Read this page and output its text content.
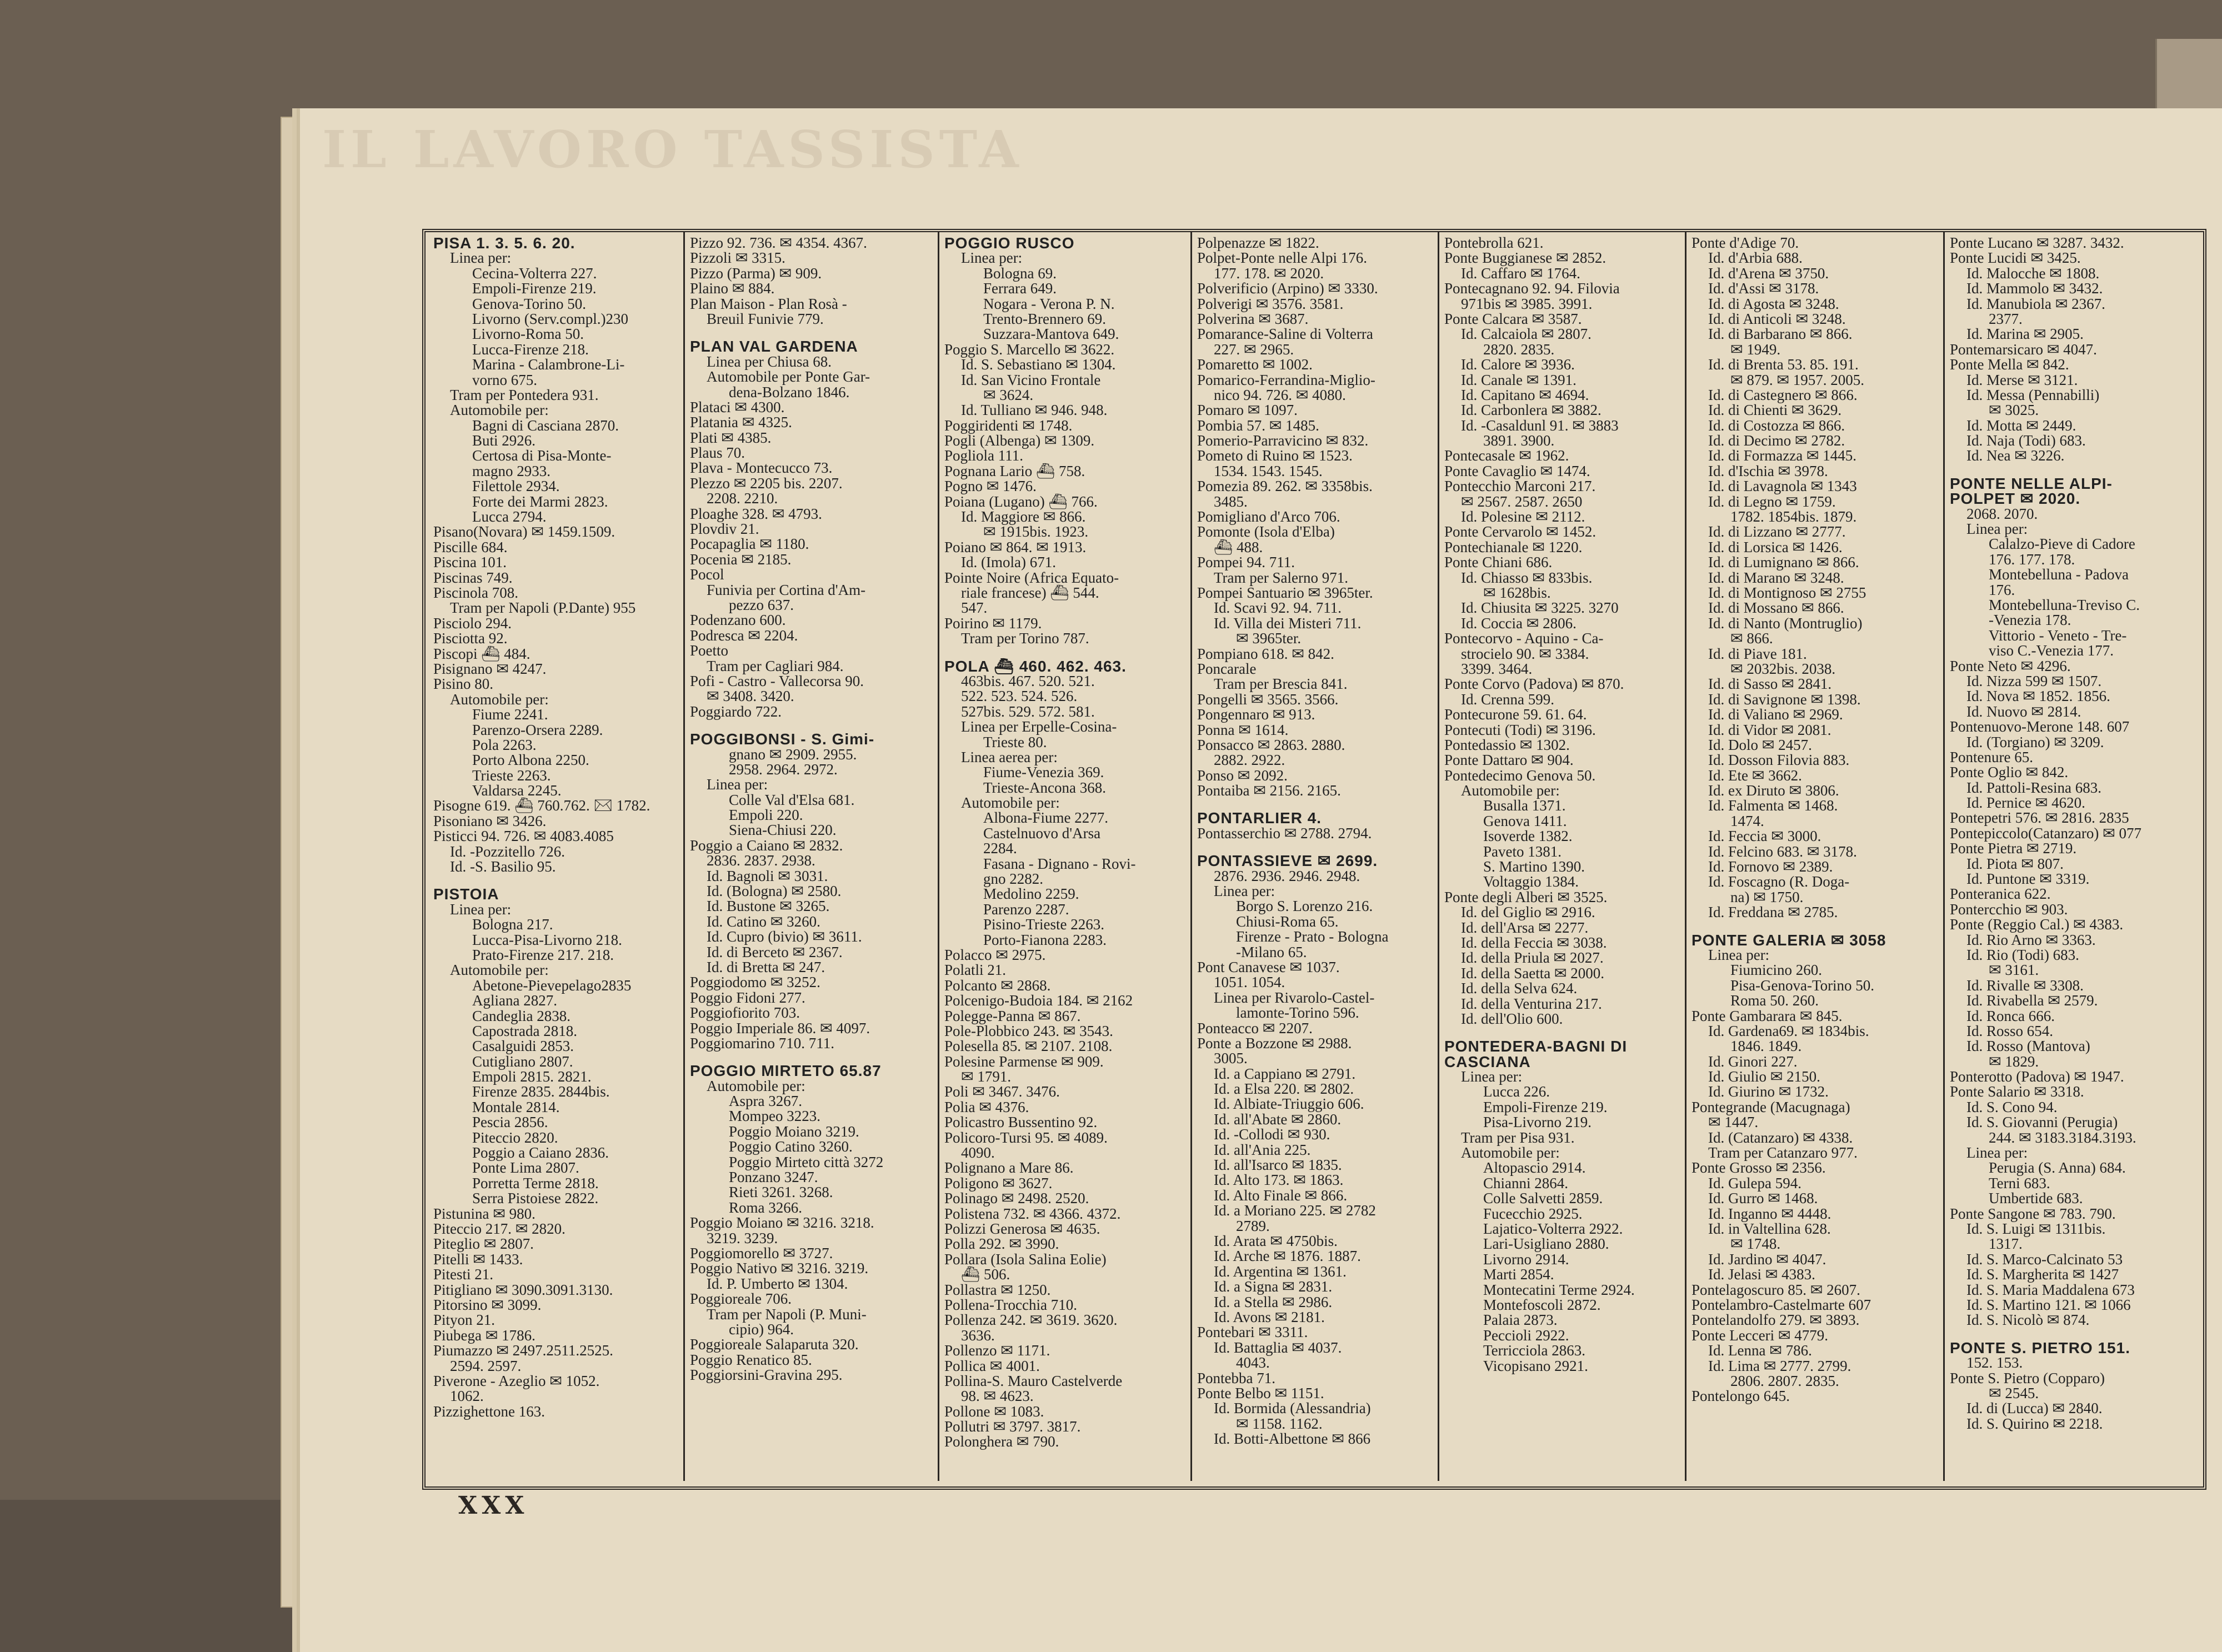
IL LAVORO TASSISTA
PISA 1. 3. 5. 6. 20.
Linea per:
Cecina-Volterra 227.
Empoli-Firenze 219.
Genova-Torino 50.
Livorno (Serv.compl.)230
Livorno-Roma 50.
Lucca-Firenze 218.
Marina - Calambrone-Li-
vorno 675.
Tram per Pontedera 931.
Automobile per:
Bagni di Casciana 2870.
Buti 2926.
Certosa di Pisa-Monte-
magno 2933.
Filettole 2934.
Forte dei Marmi 2823.
Lucca 2794.
Pisano(Novara) ✉ 1459.1509.
Piscille 684.
Piscina 101.
Piscinas 749.
Piscinola 708.
Tram per Napoli (P.Dante) 955
Pisciolo 294.
Pisciotta 92.
Piscopi ⛴ 484.
Pisignano ✉ 4247.
Pisino 80.
Automobile per:
Fiume 2241.
Parenzo-Orsera 2289.
Pola 2263.
Porto Albona 2250.
Trieste 2263.
Valdarsa 2245.
Pisogne 619. ⛴ 760.762. ✉ 1782.
Pisoniano ✉ 3426.
Pisticci 94. 726. ✉ 4083.4085
Id. -Pozzitello 726.
Id. -S. Basilio 95.
PISTOIA
Linea per:
Bologna 217.
Lucca-Pisa-Livorno 218.
Prato-Firenze 217. 218.
Automobile per:
Abetone-Pievepelago2835
Agliana 2827.
Candeglia 2838.
Capostrada 2818.
Casalguidi 2853.
Cutigliano 2807.
Empoli 2815. 2821.
Firenze 2835. 2844bis.
Montale 2814.
Pescia 2856.
Piteccio 2820.
Poggio a Caiano 2836.
Ponte Lima 2807.
Porretta Terme 2818.
Serra Pistoiese 2822.
Pistunina ✉ 980.
Piteccio 217. ✉ 2820.
Piteglio ✉ 2807.
Pitelli ✉ 1433.
Pitesti 21.
Pitigliano ✉ 3090.3091.3130.
Pitorsino ✉ 3099.
Pityon 21.
Piubega ✉ 1786.
Piumazzo ✉ 2497.2511.2525.
2594. 2597.
Piverone - Azeglio ✉ 1052.
1062.
Pizzighettone 163.
Pizzo 92. 736. ✉ 4354. 4367.
Pizzoli ✉ 3315.
Pizzo (Parma) ✉ 909.
Plaino ✉ 884.
Plan Maison - Plan Rosà -
Breuil Funivie 779.
PLAN VAL GARDENA
Linea per Chiusa 68.
Automobile per Ponte Gar-
dena-Bolzano 1846.
Plataci ✉ 4300.
Platania ✉ 4325.
Plati ✉ 4385.
Plaus 70.
Plava - Montecucco 73.
Plezzo ✉ 2205 bis. 2207.
2208. 2210.
Ploaghe 328. ✉ 4793.
Plovdiv 21.
Pocapaglia ✉ 1180.
Pocenia ✉ 2185.
Pocol
Funivia per Cortina d'Am-
pezzo 637.
Podenzano 600.
Podresca ✉ 2204.
Poetto
Tram per Cagliari 984.
Pofi - Castro - Vallecorsa 90.
✉ 3408. 3420.
Poggiardo 722.
POGGIBONSI - S. Gimi-
gnano ✉ 2909. 2955.
2958. 2964. 2972.
Linea per:
Colle Val d'Elsa 681.
Empoli 220.
Siena-Chiusi 220.
Poggio a Caiano ✉ 2832.
2836. 2837. 2938.
Id. Bagnoli ✉ 3031.
Id. (Bologna) ✉ 2580.
Id. Bustone ✉ 3265.
Id. Catino ✉ 3260.
Id. Cupro (bivio) ✉ 3611.
Id. di Berceto ✉ 2367.
Id. di Bretta ✉ 247.
Poggiodomo ✉ 3252.
Poggio Fidoni 277.
Poggiofiorito 703.
Poggio Imperiale 86. ✉ 4097.
Poggiomarino 710. 711.
POGGIO MIRTETO 65.87
Automobile per:
Aspra 3267.
Mompeo 3223.
Poggio Moiano 3219.
Poggio Catino 3260.
Poggio Mirteto città 3272
Ponzano 3247.
Rieti 3261. 3268.
Roma 3266.
Poggio Moiano ✉ 3216. 3218.
3219. 3239.
Poggiomorello ✉ 3727.
Poggio Nativo ✉ 3216. 3219.
Id. P. Umberto ✉ 1304.
Poggioreale 706.
Tram per Napoli (P. Muni-
cipio) 964.
Poggioreale Salaparuta 320.
Poggio Renatico 85.
Poggiorsini-Gravina 295.
POGGIO RUSCO
Linea per:
Bologna 69.
Ferrara 649.
Nogara - Verona P. N.
Trento-Brennero 69.
Suzzara-Mantova 649.
Poggio S. Marcello ✉ 3622.
Id. S. Sebastiano ✉ 1304.
Id. San Vicino Frontale
✉ 3624.
Id. Tulliano ✉ 946. 948.
Poggiridenti ✉ 1748.
Pogli (Albenga) ✉ 1309.
Pogliola 111.
Pognana Lario ⛴ 758.
Pogno ✉ 1476.
Poiana (Lugano) ⛴ 766.
Id. Maggiore ✉ 866.
✉ 1915bis. 1923.
Poiano ✉ 864. ✉ 1913.
Id. (Imola) 671.
Pointe Noire (Africa Equato-
riale francese) ⛴ 544.
547.
Poirino ✉ 1179.
Tram per Torino 787.
POLA ⛴ 460. 462. 463.
463bis. 467. 520. 521.
522. 523. 524. 526.
527bis. 529. 572. 581.
Linea per Erpelle-Cosina-
Trieste 80.
Linea aerea per:
Fiume-Venezia 369.
Trieste-Ancona 368.
Automobile per:
Albona-Fiume 2277.
Castelnuovo d'Arsa
2284.
Fasana - Dignano - Rovi-
gno 2282.
Medolino 2259.
Parenzo 2287.
Pisino-Trieste 2263.
Porto-Fianona 2283.
Polacco ✉ 2975.
Polatli 21.
Polcanto ✉ 2868.
Polcenigo-Budoia 184. ✉ 2162
Polegge-Panna ✉ 867.
Pole-Plobbico 243. ✉ 3543.
Polesella 85. ✉ 2107. 2108.
Polesine Parmense ✉ 909.
✉ 1791.
Poli ✉ 3467. 3476.
Polia ✉ 4376.
Policastro Bussentino 92.
Policoro-Tursi 95. ✉ 4089.
4090.
Polignano a Mare 86.
Poligono ✉ 3627.
Polinago ✉ 2498. 2520.
Polistena 732. ✉ 4366. 4372.
Polizzi Generosa ✉ 4635.
Polla 292. ✉ 3990.
Pollara (Isola Salina Eolie)
⛴ 506.
Pollastra ✉ 1250.
Pollena-Trocchia 710.
Pollenza 242. ✉ 3619. 3620.
3636.
Pollenzo ✉ 1171.
Pollica ✉ 4001.
Pollina-S. Mauro Castelverde
98. ✉ 4623.
Pollone ✉ 1083.
Pollutri ✉ 3797. 3817.
Polonghera ✉ 790.
Polpenazze ✉ 1822.
Polpet-Ponte nelle Alpi 176.
177. 178. ✉ 2020.
Polverificio (Arpino) ✉ 3330.
Polverigi ✉ 3576. 3581.
Polverina ✉ 3687.
Pomarance-Saline di Volterra
227. ✉ 2965.
Pomaretto ✉ 1002.
Pomarico-Ferrandina-Miglio-
nico 94. 726. ✉ 4080.
Pomaro ✉ 1097.
Pombia 57. ✉ 1485.
Pomerio-Parravicino ✉ 832.
Pometo di Ruino ✉ 1523.
1534. 1543. 1545.
Pomezia 89. 262. ✉ 3358bis.
3485.
Pomigliano d'Arco 706.
Pomonte (Isola d'Elba)
⛴ 488.
Pompei 94. 711.
Tram per Salerno 971.
Pompei Santuario ✉ 3965ter.
Id. Scavi 92. 94. 711.
Id. Villa dei Misteri 711.
✉ 3965ter.
Pompiano 618. ✉ 842.
Poncarale
Tram per Brescia 841.
Pongelli ✉ 3565. 3566.
Pongennaro ✉ 913.
Ponna ✉ 1614.
Ponsacco ✉ 2863. 2880.
2882. 2922.
Ponso ✉ 2092.
Pontaiba ✉ 2156. 2165.
PONTARLIER 4.
Pontasserchio ✉ 2788. 2794.
PONTASSIEVE ✉ 2699.
2876. 2936. 2946. 2948.
Linea per:
Borgo S. Lorenzo 216.
Chiusi-Roma 65.
Firenze - Prato - Bologna
-Milano 65.
Pont Canavese ✉ 1037.
1051. 1054.
Linea per Rivarolo-Castel-
lamonte-Torino 596.
Ponteacco ✉ 2207.
Ponte a Bozzone ✉ 2988.
3005.
Id. a Cappiano ✉ 2791.
Id. a Elsa 220. ✉ 2802.
Id. Albiate-Triuggio 606.
Id. all'Abate ✉ 2860.
Id. -Collodi ✉ 930.
Id. all'Ania 225.
Id. all'Isarco ✉ 1835.
Id. Alto 173. ✉ 1863.
Id. Alto Finale ✉ 866.
Id. a Moriano 225. ✉ 2782
2789.
Id. Arata ✉ 4750bis.
Id. Arche ✉ 1876. 1887.
Id. Argentina ✉ 1361.
Id. a Signa ✉ 2831.
Id. a Stella ✉ 2986.
Id. Avons ✉ 2181.
Pontebari ✉ 3311.
Id. Battaglia ✉ 4037.
4043.
Pontebba 71.
Ponte Belbo ✉ 1151.
Id. Bormida (Alessandria)
✉ 1158. 1162.
Id. Botti-Albettone ✉ 866
Pontebrolla 621.
Ponte Buggianese ✉ 2852.
Id. Caffaro ✉ 1764.
Pontecagnano 92. 94. Filovia
971bis ✉ 3985. 3991.
Ponte Calcara ✉ 3587.
Id. Calcaiola ✉ 2807.
2820. 2835.
Id. Calore ✉ 3936.
Id. Canale ✉ 1391.
Id. Capitano ✉ 4694.
Id. Carbonlera ✉ 3882.
Id. -Casaldunl 91. ✉ 3883
3891. 3900.
Pontecasale ✉ 1962.
Ponte Cavaglio ✉ 1474.
Pontecchio Marconi 217.
✉ 2567. 2587. 2650
Id. Polesine ✉ 2112.
Ponte Cervarolo ✉ 1452.
Pontechianale ✉ 1220.
Ponte Chiani 686.
Id. Chiasso ✉ 833bis.
✉ 1628bis.
Id. Chiusita ✉ 3225. 3270
Id. Coccia ✉ 2806.
Pontecorvo - Aquino - Ca-
strocielo 90. ✉ 3384.
3399. 3464.
Ponte Corvo (Padova) ✉ 870.
Id. Crenna 599.
Pontecurone 59. 61. 64.
Pontecuti (Todi) ✉ 3196.
Pontedassio ✉ 1302.
Ponte Dattaro ✉ 904.
Pontedecimo Genova 50.
Automobile per:
Busalla 1371.
Genova 1411.
Isoverde 1382.
Paveto 1381.
S. Martino 1390.
Voltaggio 1384.
Ponte degli Alberi ✉ 3525.
Id. del Giglio ✉ 2916.
Id. dell'Arsa ✉ 2277.
Id. della Feccia ✉ 3038.
Id. della Priula ✉ 2027.
Id. della Saetta ✉ 2000.
Id. della Selva 624.
Id. della Venturina 217.
Id. dell'Olio 600.
PONTEDERA-BAGNI DI
CASCIANA
Linea per:
Lucca 226.
Empoli-Firenze 219.
Pisa-Livorno 219.
Tram per Pisa 931.
Automobile per:
Altopascio 2914.
Chianni 2864.
Colle Salvetti 2859.
Fucecchio 2925.
Lajatico-Volterra 2922.
Lari-Usigliano 2880.
Livorno 2914.
Marti 2854.
Montecatini Terme 2924.
Montefoscoli 2872.
Palaia 2873.
Peccioli 2922.
Terricciola 2863.
Vicopisano 2921.
Ponte d'Adige 70.
Id. d'Arbia 688.
Id. d'Arena ✉ 3750.
Id. d'Assi ✉ 3178.
Id. di Agosta ✉ 3248.
Id. di Anticoli ✉ 3248.
Id. di Barbarano ✉ 866.
✉ 1949.
Id. di Brenta 53. 85. 191.
✉ 879. ✉ 1957. 2005.
Id. di Castegnero ✉ 866.
Id. di Chienti ✉ 3629.
Id. di Costozza ✉ 866.
Id. di Decimo ✉ 2782.
Id. di Formazza ✉ 1445.
Id. d'Ischia ✉ 3978.
Id. di Lavagnola ✉ 1343
Id. di Legno ✉ 1759.
1782. 1854bis. 1879.
Id. di Lizzano ✉ 2777.
Id. di Lorsica ✉ 1426.
Id. di Lumignano ✉ 866.
Id. di Marano ✉ 3248.
Id. di Montignoso ✉ 2755
Id. di Mossano ✉ 866.
Id. di Nanto (Montruglio)
✉ 866.
Id. di Piave 181.
✉ 2032bis. 2038.
Id. di Sasso ✉ 2841.
Id. di Savignone ✉ 1398.
Id. di Valiano ✉ 2969.
Id. di Vidor ✉ 2081.
Id. Dolo ✉ 2457.
Id. Dosson Filovia 883.
Id. Ete ✉ 3662.
Id. ex Diruto ✉ 3806.
Id. Falmenta ✉ 1468.
1474.
Id. Feccia ✉ 3000.
Id. Felcino 683. ✉ 3178.
Id. Fornovo ✉ 2389.
Id. Foscagno (R. Doga-
na) ✉ 1750.
Id. Freddana ✉ 2785.
PONTE GALERIA ✉ 3058
Linea per:
Fiumicino 260.
Pisa-Genova-Torino 50.
Roma 50. 260.
Ponte Gambarara ✉ 845.
Id. Gardena69. ✉ 1834bis.
1846. 1849.
Id. Ginori 227.
Id. Giulio ✉ 2150.
Id. Giurino ✉ 1732.
Pontegrande (Macugnaga)
✉ 1447.
Id. (Catanzaro) ✉ 4338.
Tram per Catanzaro 977.
Ponte Grosso ✉ 2356.
Id. Gulepa 594.
Id. Gurro ✉ 1468.
Id. Inganno ✉ 4448.
Id. in Valtellina 628.
✉ 1748.
Id. Jardino ✉ 4047.
Id. Jelasi ✉ 4383.
Pontelagoscuro 85. ✉ 2607.
Pontelambro-Castelmarte 607
Pontelandolfo 279. ✉ 3893.
Ponte Lecceri ✉ 4779.
Id. Lenna ✉ 786.
Id. Lima ✉ 2777. 2799.
2806. 2807. 2835.
Pontelongo 645.
Ponte Lucano ✉ 3287. 3432.
Ponte Lucidi ✉ 3425.
Id. Malocche ✉ 1808.
Id. Mammolo ✉ 3432.
Id. Manubiola ✉ 2367.
2377.
Id. Marina ✉ 2905.
Pontemarsicaro ✉ 4047.
Ponte Mella ✉ 842.
Id. Merse ✉ 3121.
Id. Messa (Pennabilli)
✉ 3025.
Id. Motta ✉ 2449.
Id. Naja (Todi) 683.
Id. Nea ✉ 3226.
PONTE NELLE ALPI-
POLPET ✉ 2020.
2068. 2070.
Linea per:
Calalzo-Pieve di Cadore
176. 177. 178.
Montebelluna - Padova
176.
Montebelluna-Treviso C.
-Venezia 178.
Vittorio - Veneto - Tre-
viso C.-Venezia 177.
Ponte Neto ✉ 4296.
Id. Nizza 599 ✉ 1507.
Id. Nova ✉ 1852. 1856.
Id. Nuovo ✉ 2814.
Pontenuovo-Merone 148. 607
Id. (Torgiano) ✉ 3209.
Pontenure 65.
Ponte Oglio ✉ 842.
Id. Pattoli-Resina 683.
Id. Pernice ✉ 4620.
Pontepetri 576. ✉ 2816. 2835
Pontepiccolo(Catanzaro) ✉ 077
Ponte Pietra ✉ 2719.
Id. Piota ✉ 807.
Id. Puntone ✉ 3319.
Ponteranica 622.
Pontercchio ✉ 903.
Ponte (Reggio Cal.) ✉ 4383.
Id. Rio Arno ✉ 3363.
Id. Rio (Todi) 683.
✉ 3161.
Id. Rivalle ✉ 3308.
Id. Rivabella ✉ 2579.
Id. Ronca 666.
Id. Rosso 654.
Id. Rosso (Mantova)
✉ 1829.
Ponterotto (Padova) ✉ 1947.
Ponte Salario ✉ 3318.
Id. S. Cono 94.
Id. S. Giovanni (Perugia)
244. ✉ 3183.3184.3193.
Linea per:
Perugia (S. Anna) 684.
Terni 683.
Umbertide 683.
Ponte Sangone ✉ 783. 790.
Id. S. Luigi ✉ 1311bis.
1317.
Id. S. Marco-Calcinato 53
Id. S. Margherita ✉ 1427
Id. S. Maria Maddalena 673
Id. S. Martino 121. ✉ 1066
Id. S. Nicolò ✉ 874.
PONTE S. PIETRO 151.
152. 153.
Ponte S. Pietro (Copparo)
✉ 2545.
Id. di (Lucca) ✉ 2840.
Id. S. Quirino ✉ 2218.
XXX
